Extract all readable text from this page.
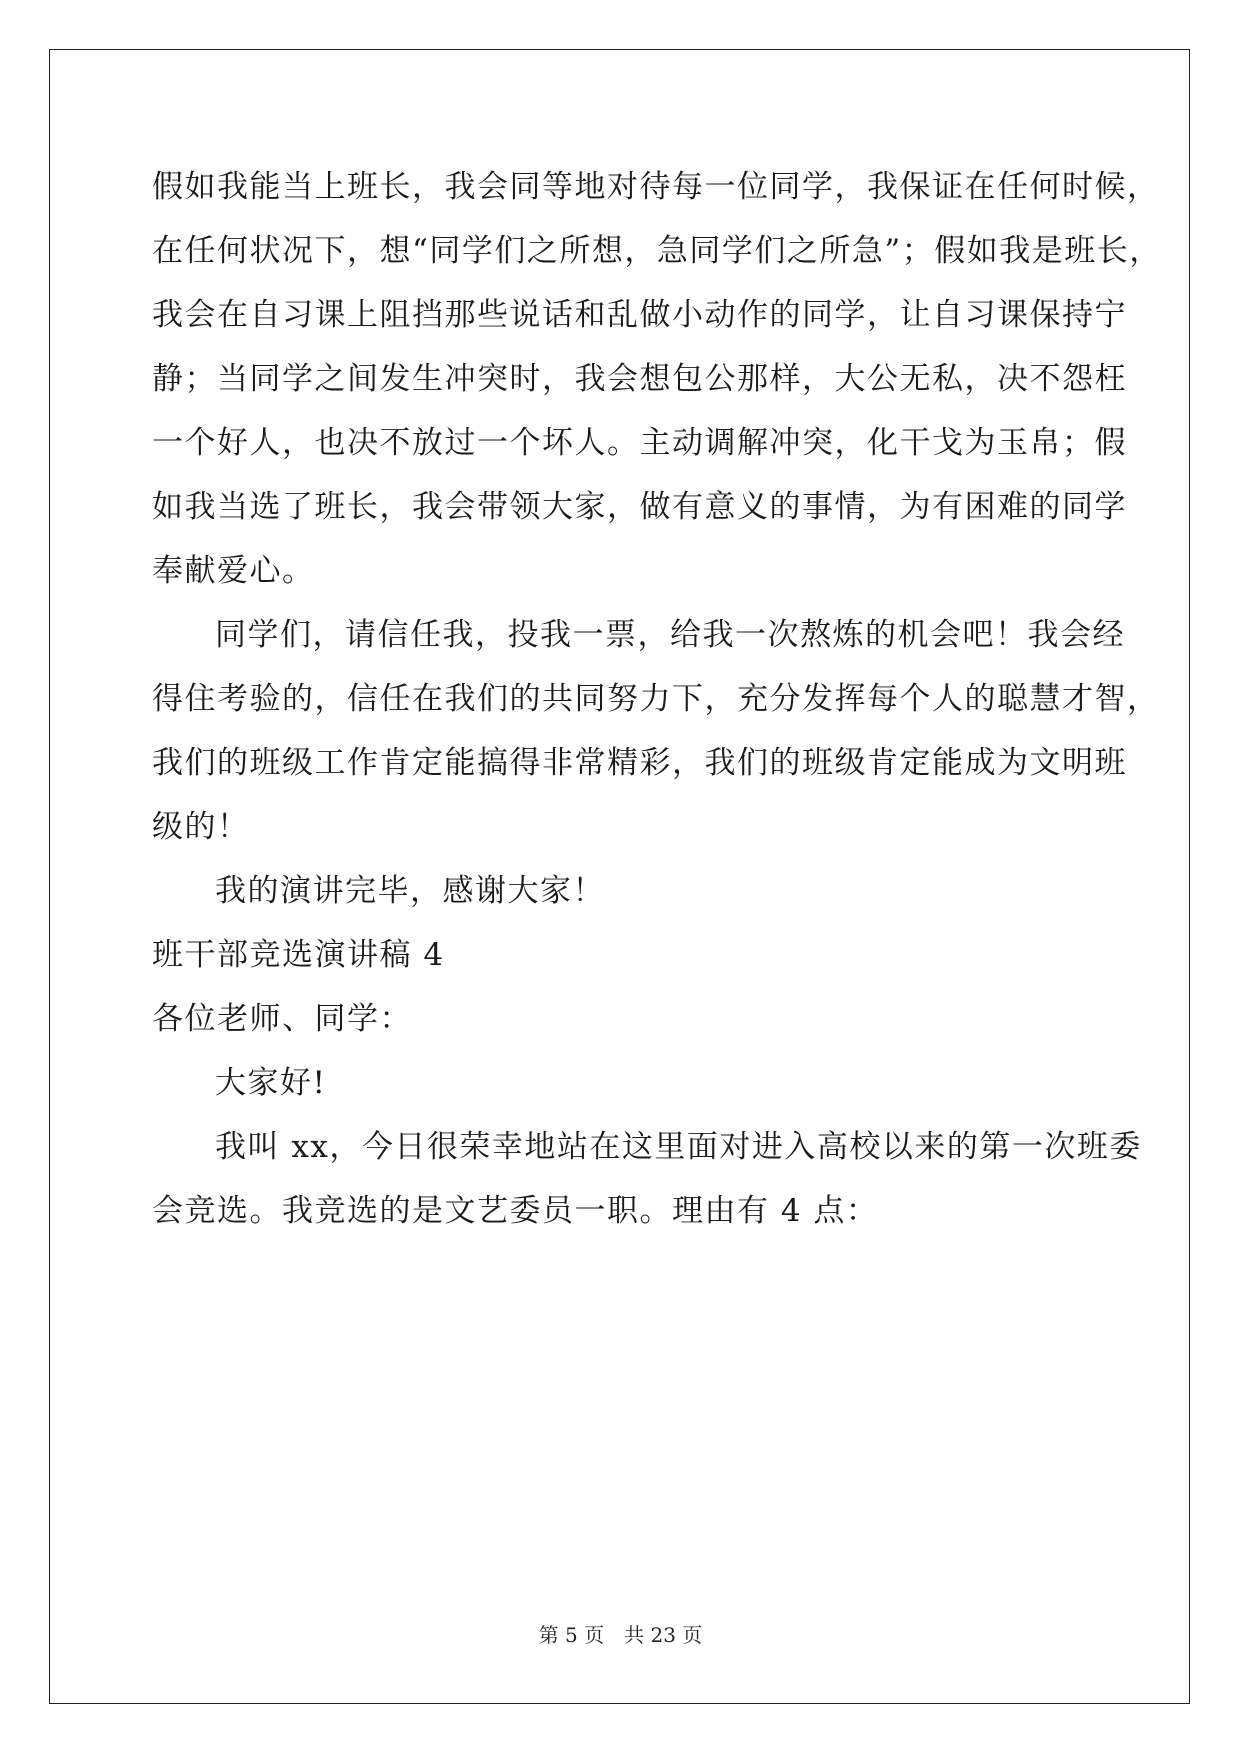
假如我能当上班长，我会同等地对待每一位同学，我保证在任何时候，
在任何状况下，想“同学们之所想，急同学们之所急”；假如我是班长，
我会在自习课上阻挡那些说话和乱做小动作的同学，让自习课保持宁
静；当同学之间发生冲突时，我会想包公那样，大公无私，决不怨枉
一个好人，也决不放过一个坏人。主动调解冲突，化干戈为玉帛；假
如我当选了班长，我会带领大家，做有意义的事情，为有困难的同学
奉献爱心。
同学们，请信任我，投我一票，给我一次熬炼的机会吧！我会经
得住考验的，信任在我们的共同努力下，充分发挥每个人的聪慧才智，
我们的班级工作肯定能搞得非常精彩，我们的班级肯定能成为文明班
级的！
我的演讲完毕，感谢大家！
班干部竞选演讲稿 4
各位老师、同学：
大家好!
我叫 xx，今日很荣幸地站在这里面对进入高校以来的第一次班委
会竞选。我竞选的是文艺委员一职。理由有 4 点：
第 5 页　共 23 页
